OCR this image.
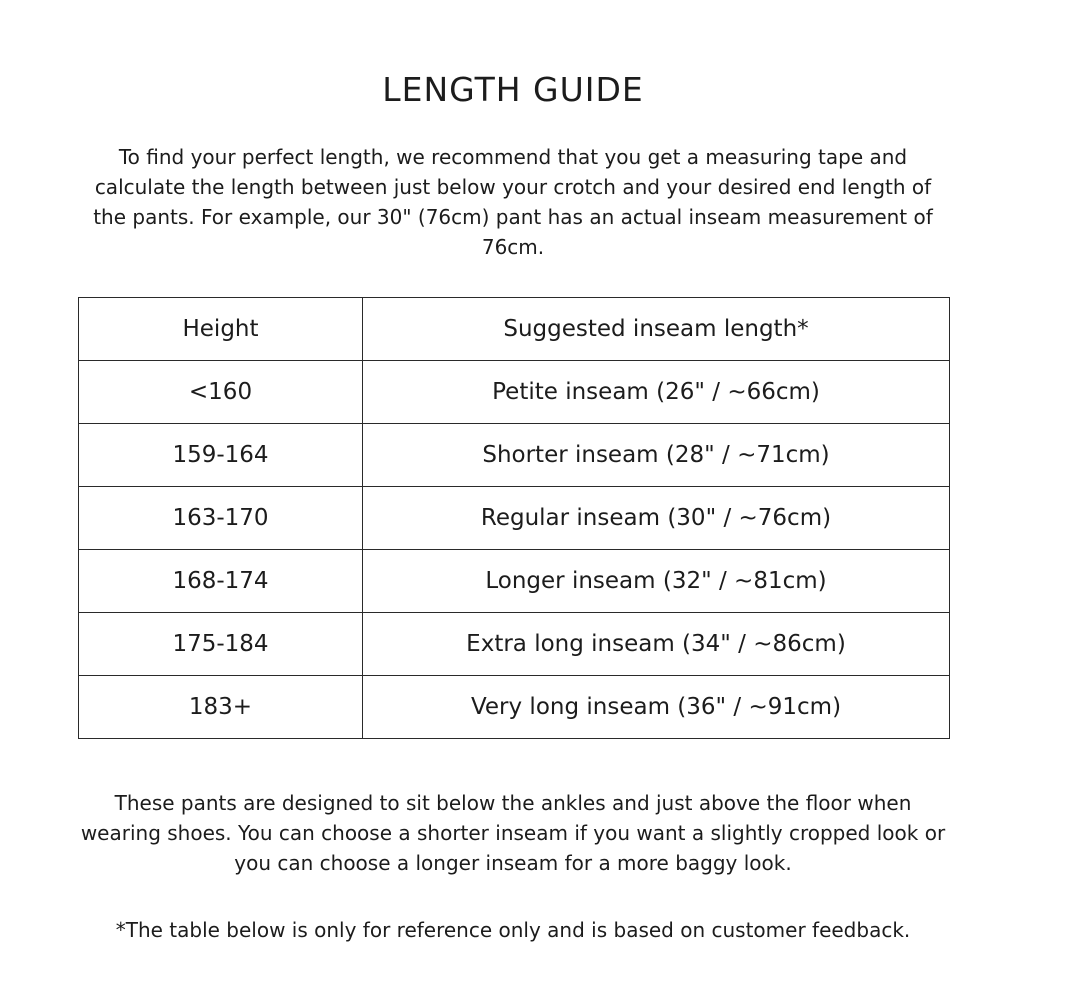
LENGTH GUIDE

To find your perfect length, we recommend that you get a measuring tape and calculate the length between just below your crotch and your desired end length of the pants. For example, our 30" (76cm) pant has an actual inseam measurement of 76cm.

Height	Suggested inseam length*
<160	Petite inseam (26" / ~66cm)
159-164	Shorter inseam (28" / ~71cm)
163-170	Regular inseam (30" / ~76cm)
168-174	Longer inseam (32" / ~81cm)
175-184	Extra long inseam (34" / ~86cm)
183+	Very long inseam (36" / ~91cm)

These pants are designed to sit below the ankles and just above the floor when wearing shoes. You can choose a shorter inseam if you want a slightly cropped look or you can choose a longer inseam for a more baggy look.

*The table below is only for reference only and is based on customer feedback.
